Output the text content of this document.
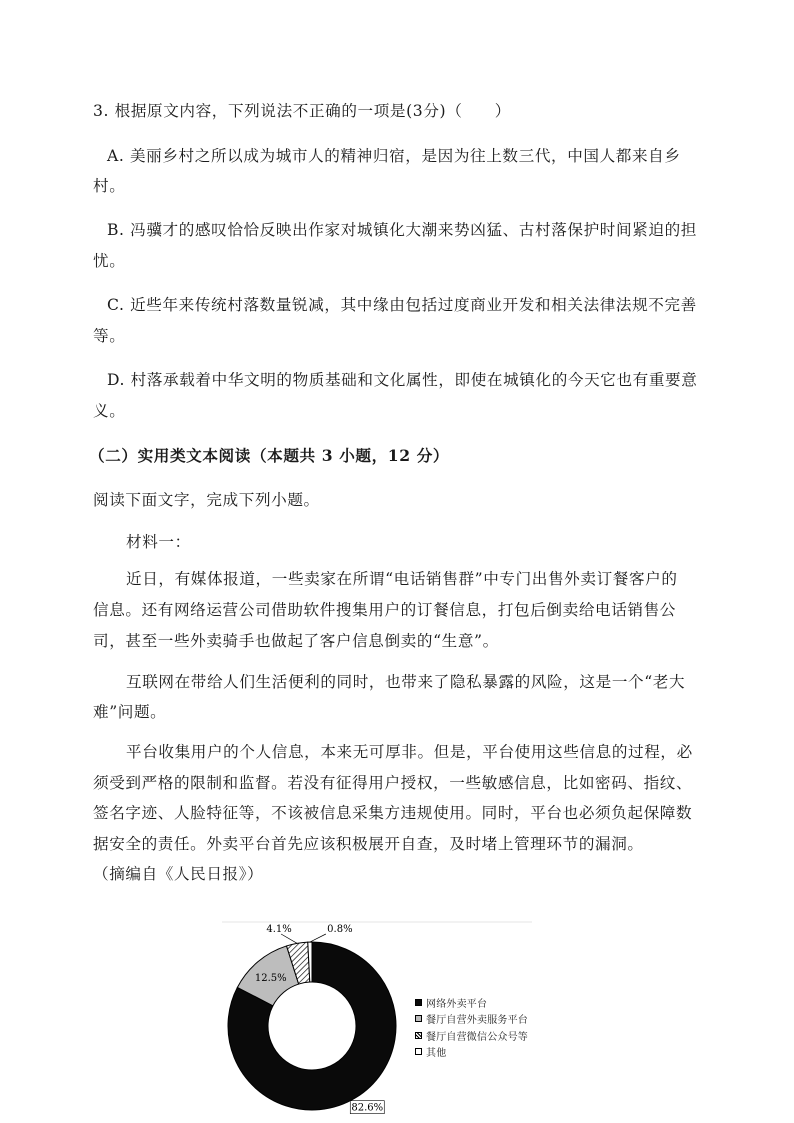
3. 根据原文内容，下列说法不正确的一项是(3分)（　　）
A. 美丽乡村之所以成为城市人的精神归宿，是因为往上数三代，中国人都来自乡
村。
B. 冯骥才的感叹恰恰反映出作家对城镇化大潮来势凶猛、古村落保护时间紧迫的担
忧。
C. 近些年来传统村落数量锐减，其中缘由包括过度商业开发和相关法律法规不完善
等。
D. 村落承载着中华文明的物质基础和文化属性，即使在城镇化的今天它也有重要意
义。
（二）实用类文本阅读（本题共 3 小题，12 分）
阅读下面文字，完成下列小题。
材料一：
近日，有媒体报道，一些卖家在所谓“电话销售群”中专门出售外卖订餐客户的
信息。还有网络运营公司借助软件搜集用户的订餐信息，打包后倒卖给电话销售公
司，甚至一些外卖骑手也做起了客户信息倒卖的“生意”。
互联网在带给人们生活便利的同时，也带来了隐私暴露的风险，这是一个“老大
难”问题。
平台收集用户的个人信息，本来无可厚非。但是，平台使用这些信息的过程，必
须受到严格的限制和监督。若没有征得用户授权，一些敏感信息，比如密码、指纹、
签名字迹、人脸特征等，不该被信息采集方违规使用。同时，平台也必须负起保障数
据安全的责任。外卖平台首先应该积极展开自查，及时堵上管理环节的漏洞。
（摘编自《人民日报》）
82.6%
12.5%
4.1%	0.8%
网络外卖平台
餐厅自营外卖服务平台
餐厅自营微信公众号等
其他
